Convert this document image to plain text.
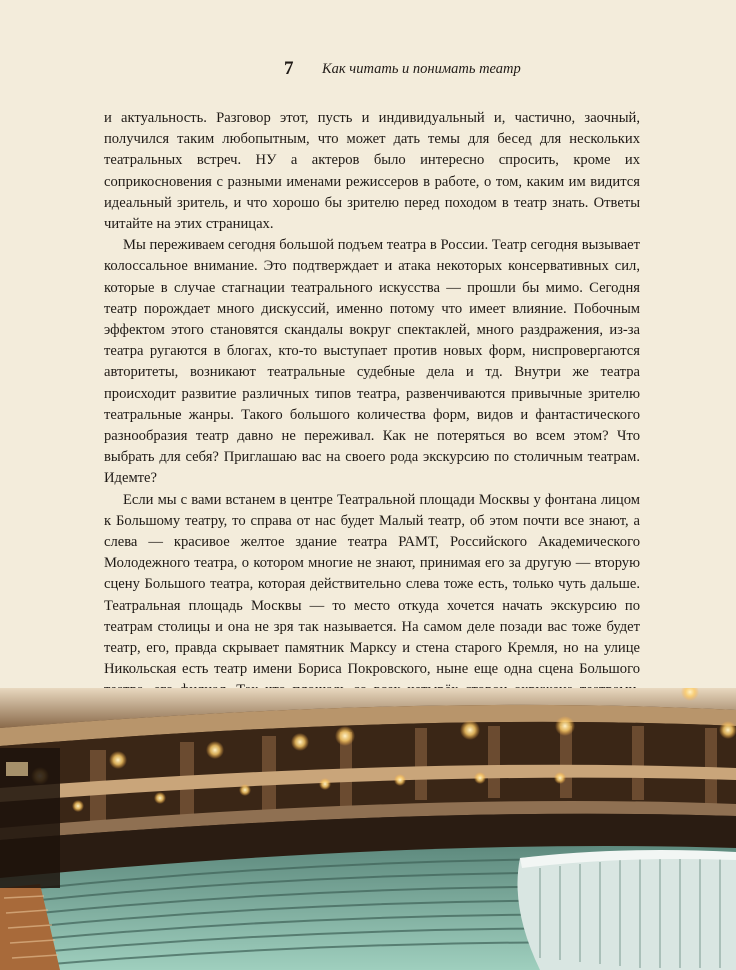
7 Как читать и понимать театр

и актуальность. Разговор этот, пусть и индивидуальный и, частично, заочный, получился таким любопытным, что может дать темы для бесед для нескольких театральных встреч. НУ а актеров было интересно спросить, кроме их соприкосновения с разными именами режиссеров в работе, о том, каким им видится идеальный зритель, и что хорошо бы зрителю перед походом в театр знать. Ответы читайте на этих страницах.

Мы переживаем сегодня большой подъем театра в России. Театр сегодня вызывает колоссальное внимание. Это подтверждает и атака некоторых консервативных сил, которые в случае стагнации театрального искусства — прошли бы мимо. Сегодня театр порождает много дискуссий, именно потому что имеет влияние. Побочным эффектом этого становятся скандалы вокруг спектаклей, много раздражения, из-за театра ругаются в блогах, кто-то выступает против новых форм, ниспровергаются авторитеты, возникают театральные судебные дела и тд. Внутри же театра происходит развитие различных типов театра, развенчиваются привычные зрителю театральные жанры. Такого большого количества форм, видов и фантастического разнообразия театр давно не переживал. Как не потеряться во всем этом? Что выбрать для себя? Приглашаю вас на своего рода экскурсию по столичным театрам. Идемте?

Если мы с вами встанем в центре Театральной площади Москвы у фонтана лицом к Большому театру, то справа от нас будет Малый театр, об этом почти все знают, а слева — красивое желтое здание театра РАМТ, Российского Академического Молодежного театра, о котором многие не знают, принимая его за другую — вторую сцену Большого театра, которая действительно слева тоже есть, только чуть дальше. Театральная площадь Москвы — то место откуда хочется начать экскурсию по театрам столицы и она не зря так называется. На самом деле позади вас тоже будет театр, его, правда скрывает памятник Марксу и стена старого Кремля, но на улице Никольская есть театр имени Бориса Покровского, ныне еще одна сцена Большого
